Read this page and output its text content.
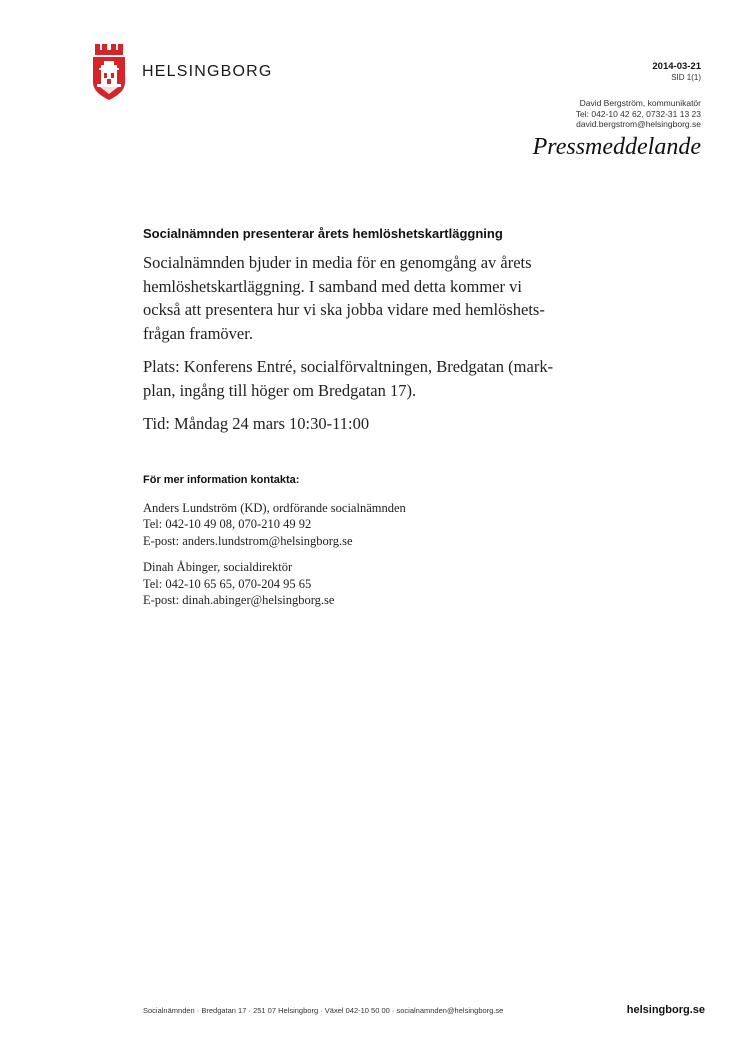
HELSINGBORG	2014-03-21
SID 1(1)
David Bergström, kommunikatör
Tel: 042-10 42 62, 0732-31 13 23
david.bergstrom@helsingborg.se
Pressmeddelande
Socialnämnden presenterar årets hemlöshetskartläggning
Socialnämnden bjuder in media för en genomgång av årets
hemlöshetskartläggning. I samband med detta kommer vi
också att presentera hur vi ska jobba vidare med hemlöshets-
frågan framöver.
Plats: Konferens Entré, socialförvaltningen, Bredgatan (mark-
plan, ingång till höger om Bredgatan 17).
Tid: Måndag 24 mars 10:30-11:00
För mer information kontakta:
Anders Lundström (KD), ordförande socialnämnden
Tel: 042-10 49 08, 070-210 49 92
E-post: anders.lundstrom@helsingborg.se
Dinah Åbinger, socialdirektör
Tel: 042-10 65 65, 070-204 95 65
E-post: dinah.abinger@helsingborg.se
Socialnämnden · Bredgatan 17 · 251 07 Helsingborg · Växel 042-10 50 00 · socialnamnden@helsingborg.se	helsingborg.se
